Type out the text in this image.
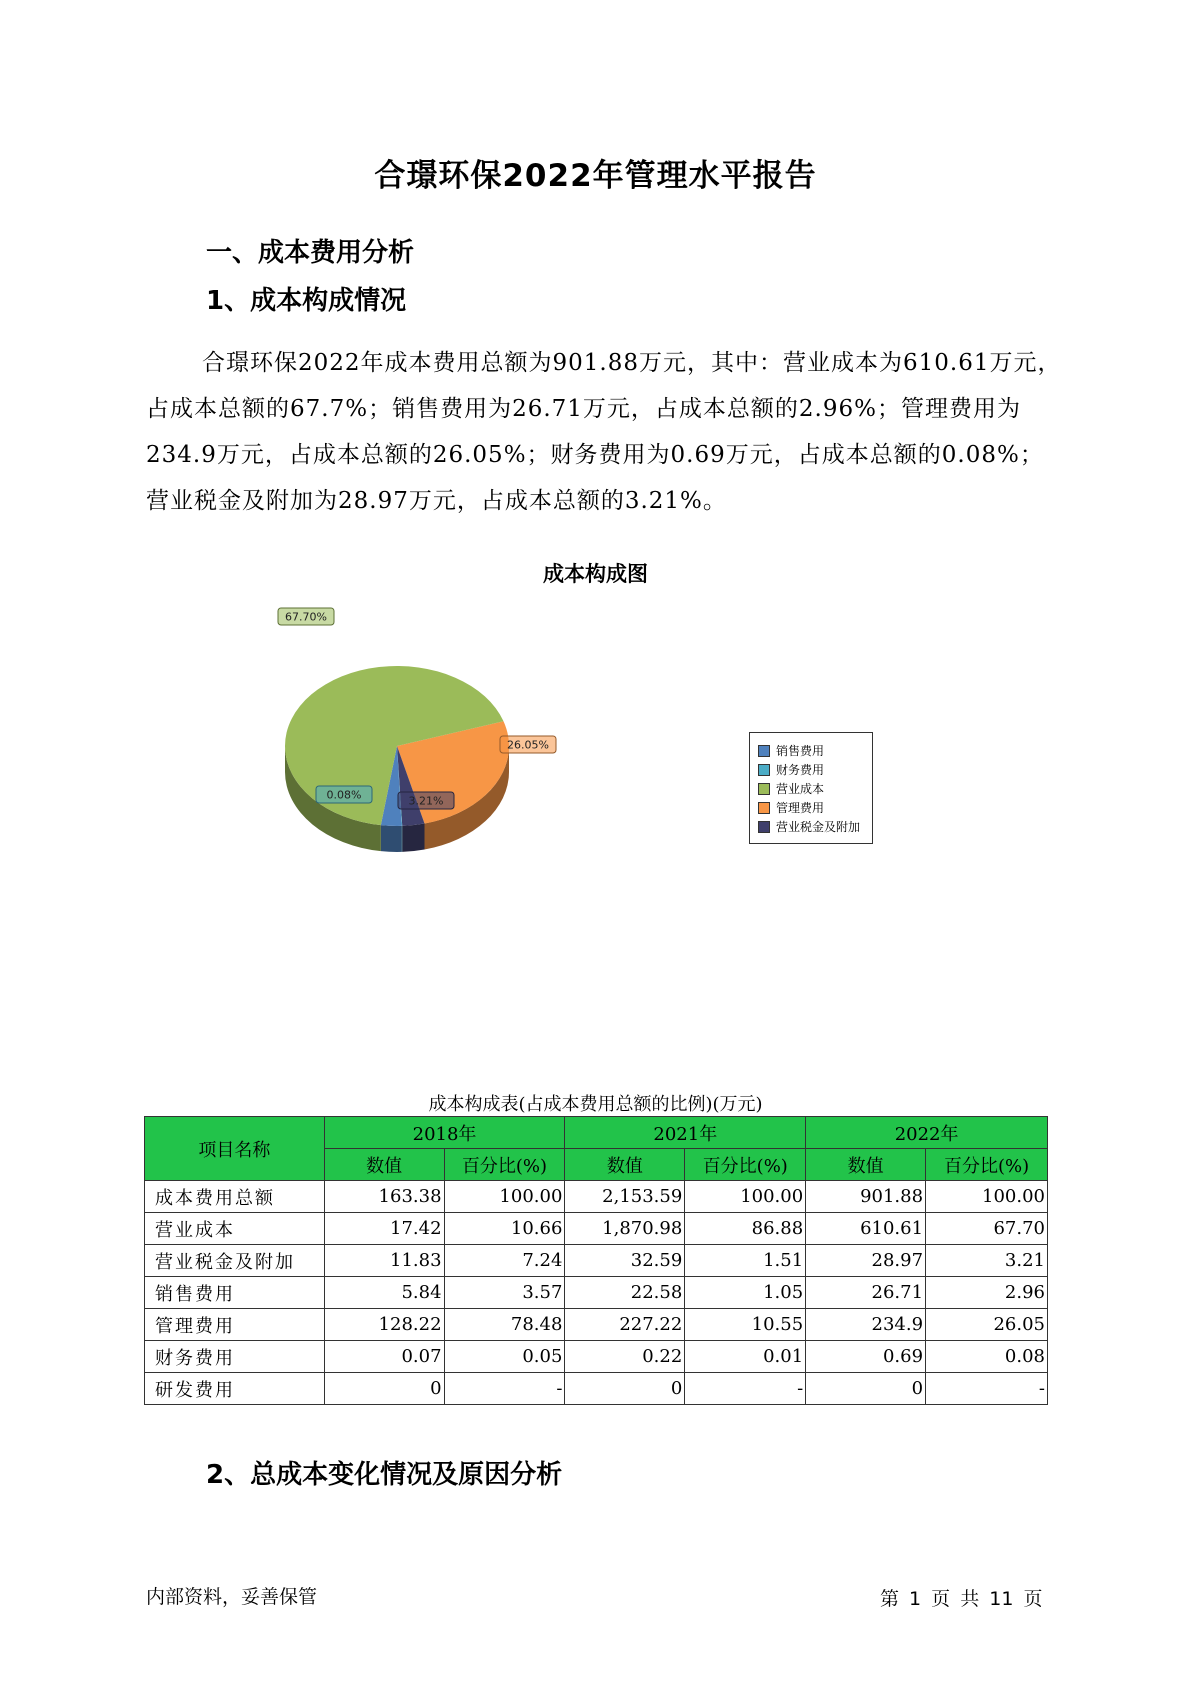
合璟环保2022年管理水平报告
一、成本费用分析
1、成本构成情况
合璟环保2022年成本费用总额为901.88万元，其中：营业成本为610.61万元，占成本总额的67.7%；销售费用为26.71万元，占成本总额的2.96%；管理费用为234.9万元，占成本总额的26.05%；财务费用为0.69万元，占成本总额的0.08%；营业税金及附加为28.97万元，占成本总额的3.21%。
成本构成图
26.05%
3.21%
0.08%
67.70%
销售费用
财务费用
营业成本
管理费用
营业税金及附加
成本构成表(占成本费用总额的比例)(万元)
项目名称	2018年		2021年		2022年	
	数值	百分比(%)	数值	百分比(%)	数值	百分比(%)
成本费用总额	163.38	100.00	2,153.59	100.00	901.88	100.00
营业成本	17.42	10.66	1,870.98	86.88	610.61	67.70
营业税金及附加	11.83	7.24	32.59	1.51	28.97	3.21
销售费用	5.84	3.57	22.58	1.05	26.71	2.96
管理费用	128.22	78.48	227.22	10.55	234.9	26.05
财务费用	0.07	0.05	0.22	0.01	0.69	0.08
研发费用	0	-	0	-	0	-
2、总成本变化情况及原因分析
内部资料，妥善保管	第 1 页 共 11 页
